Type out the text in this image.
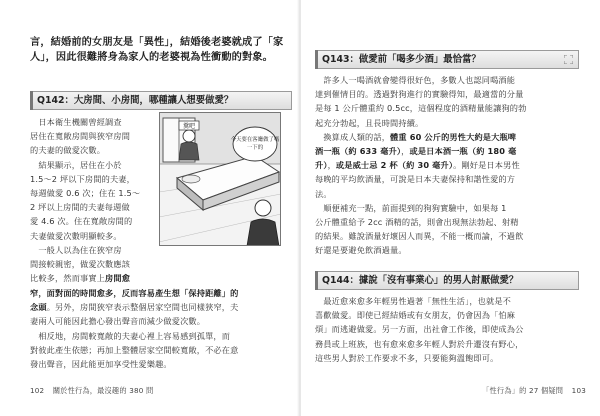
言，結婚前的女朋友是「異性」，結婚後老婆就成了「家
人」，因此很難將身為家人的老婆視為性衝動的對象。

Q142：大房間、小房間，哪種讓人想要做愛？
　日本衛生機關曾經調查
居住在寬敞房間與狹窄房間
的夫妻的做愛次數。
　結果顯示，居住在小於
1.5～2 坪以下房間的夫妻，
每週做愛 0.6 次；住在 1.5～
2 坪以上房間的夫妻每週做
愛 4.6 次。住在寬敞房間的
夫妻做愛次數明顯較多。
　一般人以為住在狹窄房
間接較親密，做愛次數應該
比較多，然而事實上房間愈
窄，面對面的時間愈多，反而容易產生想「保持距離」的
念頭。另外，房間狹窄表示整個居家空間也同樣狹窄，夫
妻兩人可能因此擔心發出聲音而減少做愛次數。
　相反地，房間較寬敞的夫妻心裡上容易感到孤單，而
對彼此產生依戀；再加上整體居家空間較寬敞，不必在意
發出聲音，因此能更加享受性愛樂趣。
糞吧
今天要在客廳做了嗎
一下的
102 關於性行為，最沒趣的 380 問
Q143：做愛前「喝多少酒」最恰當？
　許多人一喝酒就會變得很好色，多數人也認同喝酒能
達到催情目的。透過對狗進行的實驗得知，最適當的分量
是每 1 公斤體重約 0.5cc，這個程度的酒精量能讓狗的勃
起充分勃起，且長時間持續。
　換算成人類的話，體重 60 公斤的男性大約是大瓶啤
酒一瓶（約 633 毫升），或是日本酒一瓶（約 180 毫
升），或是威士忌 2 杯（約 30 毫升）。剛好是日本男性
每晚的平均飲酒量，可說是日本夫妻保持和諧性愛的方
法。
　順便補充一點，前面提到的狗狗實驗中，如果每 1
公斤體重給予 2cc 酒精的話，則會出現無法勃起、射精
的結果。雖說酒量好壞因人而異，不能一概而論，不過飲
好還是要避免飲酒過量。
Q144：據說「沒有事業心」的男人討厭做愛？
　最近愈來愈多年輕男性過著「無性生活」，也就是不
喜歡做愛。即使已經結婚或有女朋友，仍會因為「怕麻
煩」而逃避做愛。另一方面，出社會工作後，即使成為公
務員或上班族，也有愈來愈多年輕人對於升遷沒有野心，
這些男人對於工作要求不多，只要能夠溫飽即可。
「性行為」的 27 個疑問 103
